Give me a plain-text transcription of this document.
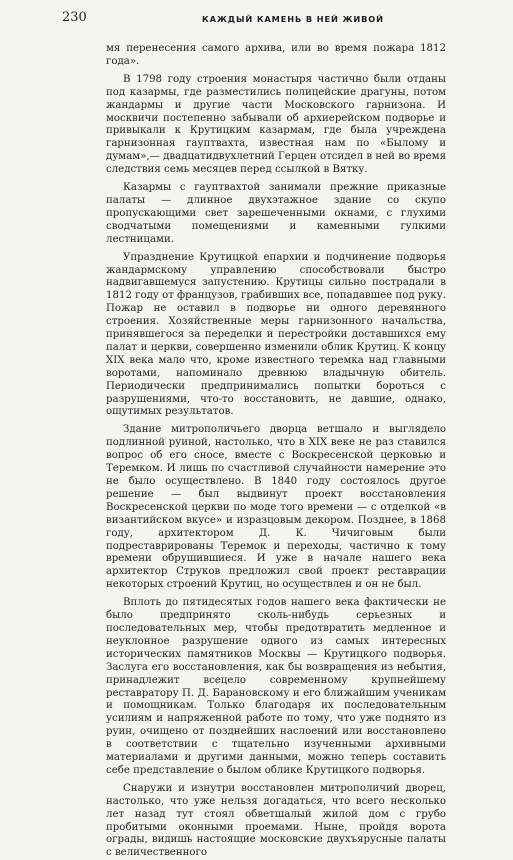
230	КАЖДЫЙ КАМЕНЬ В НЕЙ ЖИВОЙ

мя перенесения самого архива, или во время пожара 1812 года».

В 1798 году строения монастыря частично были отданы под казармы, где разместились полицейские драгуны, потом жандармы и другие части Московского гарнизона. И москвичи постепенно забывали об архиерейском подворье и привыкали к Крутицким казармам, где была учреждена гарнизонная гауптвахта, известная нам по «Былому и думам»,— двадцатидвухлетний Герцен отсидел в ней во время следствия семь месяцев перед ссылкой в Вятку.

Казармы с гауптвахтой занимали прежние приказные палаты — длинное двухэтажное здание со скупо пропускающими свет зарешеченными окнами, с глухими сводчатыми помещениями и каменными гулкими лестницами.

Упразднение Крутицкой епархии и подчинение подворья жандармскому управлению способствовали быстро надвигавшемуся запустению. Крутицы сильно пострадали в 1812 году от французов, грабивших все, попадавшее под руку. Пожар не оставил в подворье ни одного деревянного строения. Хозяйственные меры гарнизонного начальства, принявшегося за переделки и перестройки доставшихся ему палат и церкви, совершенно изменили облик Крутиц. К концу XIX века мало что, кроме известного теремка над главными воротами, напоминало древнюю владычную обитель. Периодически предпринимались попытки бороться с разрушениями, что-то восстановить, не давшие, однако, ощутимых результатов.

Здание митрополичьего дворца ветшало и выглядело подлинной руиной, настолько, что в XIX веке не раз ставился вопрос об его сносе, вместе с Воскресенской церковью и Теремком. И лишь по счастливой случайности намерение это не было осуществлено. В 1840 году состоялось другое решение — был выдвинут проект восстановления Воскресенской церкви по моде того времени — с отделкой «в византийском вкусе» и изразцовым декором. Позднее, в 1868 году, архитектором Д. К. Чичиговым были подреставрированы Теремок и переходы, частично к тому времени обрушившиеся. И уже в начале нашего века архитектор Струков предложил свой проект реставрации некоторых строений Крутиц, но осуществлен и он не был.

Вплоть до пятидесятых годов нашего века фактически не было предпринято сколь-нибудь серьезных и последовательных мер, чтобы предотвратить медленное и неуклонное разрушение одного из самых интересных исторических памятников Москвы — Крутицкого подворья. Заслуга его восстановления, как бы возвращения из небытия, принадлежит всецело современному крупнейшему реставратору П. Д. Барановскому и его ближайшим ученикам и помощникам. Только благодаря их последовательным усилиям и напряженной работе по тому, что уже поднято из руин, очищено от позднейших наслоений или восстановлено в соответствии с тщательно изученными архивными материалами и другими данными, можно теперь составить себе представление о былом облике Крутицкого подворья.

Снаружи и изнутри восстановлен митрополичий дворец, настолько, что уже нельзя догадаться, что всего несколько лет назад тут стоял обветшалый жилой дом с грубо пробитыми оконными проемами. Ныне, пройдя ворота ограды, видишь настоящие московские двухъярусные палаты с величественного
